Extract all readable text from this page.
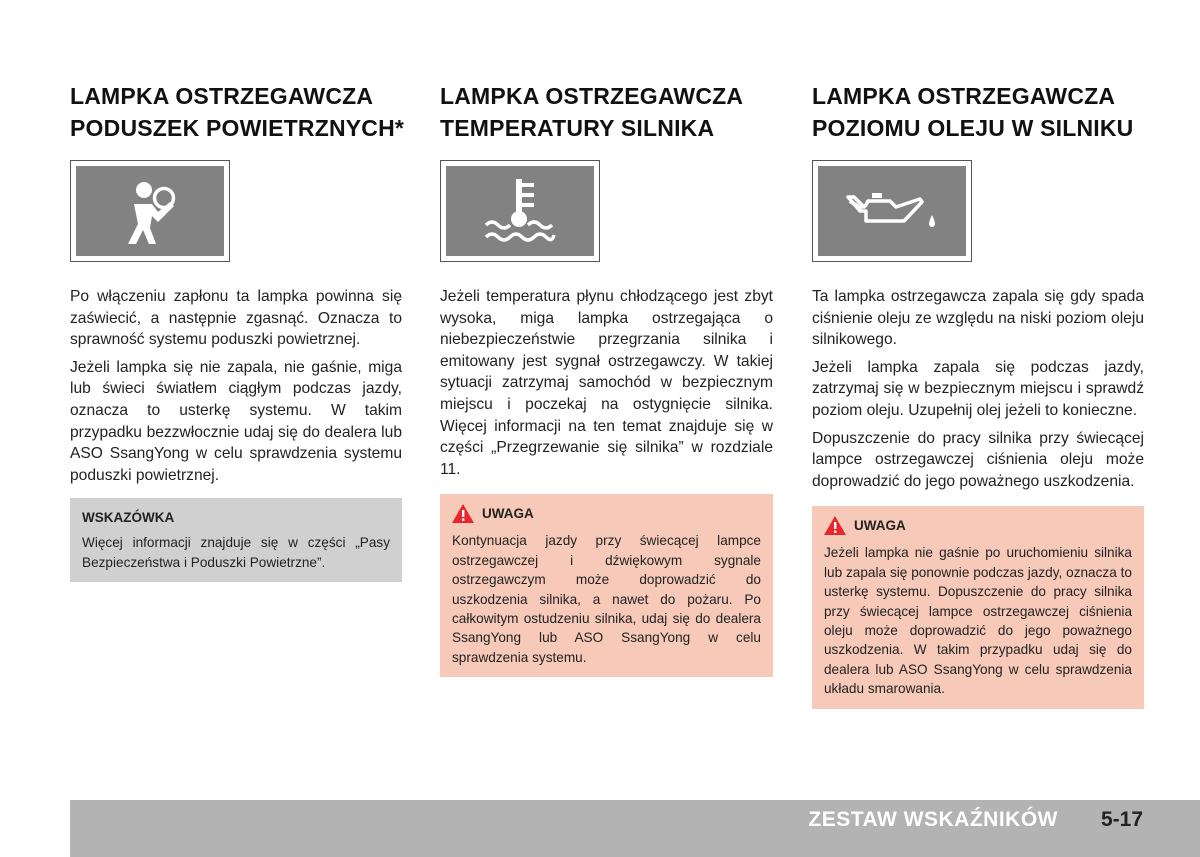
LAMPKA OSTRZEGAWCZA
PODUSZEK POWIETRZNYCH*

Po włączeniu zapłonu ta lampka powinna się zaświecić, a następnie zgasnąć. Oznacza to sprawność systemu poduszki powietrznej.

Jeżeli lampka się nie zapala, nie gaśnie, miga lub świeci światłem ciągłym podczas jazdy, oznacza to usterkę systemu. W takim przypadku bezzwłocznie udaj się do dealera lub ASO SsangYong w celu sprawdzenia systemu poduszki powietrznej.

WSKAZÓWKA

Więcej informacji znajduje się w części „Pasy Bezpieczeństwa i Poduszki Powietrzne”.

LAMPKA OSTRZEGAWCZA
TEMPERATURY SILNIKA

Jeżeli temperatura płynu chłodzącego jest zbyt wysoka, miga lampka ostrzegająca o niebezpieczeństwie przegrzania silnika i emitowany jest sygnał ostrzegawczy. W takiej sytuacji zatrzymaj samochód w bezpiecznym miejscu i poczekaj na ostygnięcie silnika. Więcej informacji na ten temat znajduje się w części „Przegrzewanie się silnika” w rozdziale 11.

UWAGA

Kontynuacja jazdy przy świecącej lampce ostrzegawczej i dźwiękowym sygnale ostrzegawczym może doprowadzić do uszkodzenia silnika, a nawet do pożaru. Po całkowitym ostudzeniu silnika, udaj się do dealera SsangYong lub ASO SsangYong w celu sprawdzenia systemu.

LAMPKA OSTRZEGAWCZA
POZIOMU OLEJU W SILNIKU

Ta lampka ostrzegawcza zapala się gdy spada ciśnienie oleju ze względu na niski poziom oleju silnikowego.

Jeżeli lampka zapala się podczas jazdy, zatrzymaj się w bezpiecznym miejscu i sprawdź poziom oleju. Uzupełnij olej jeżeli to konieczne.

Dopuszczenie do pracy silnika przy świecącej lampce ostrzegawczej ciśnienia oleju może doprowadzić do jego poważnego uszkodzenia.

UWAGA

Jeżeli lampka nie gaśnie po uruchomieniu silnika lub zapala się ponownie podczas jazdy, oznacza to usterkę systemu. Dopuszczenie do pracy silnika przy świecącej lampce ostrzegawczej ciśnienia oleju może doprowadzić do jego poważnego uszkodzenia. W takim przypadku udaj się do dealera lub ASO SsangYong w celu sprawdzenia układu smarowania.

ZESTAW WSKAŹNIKÓW 5-17
